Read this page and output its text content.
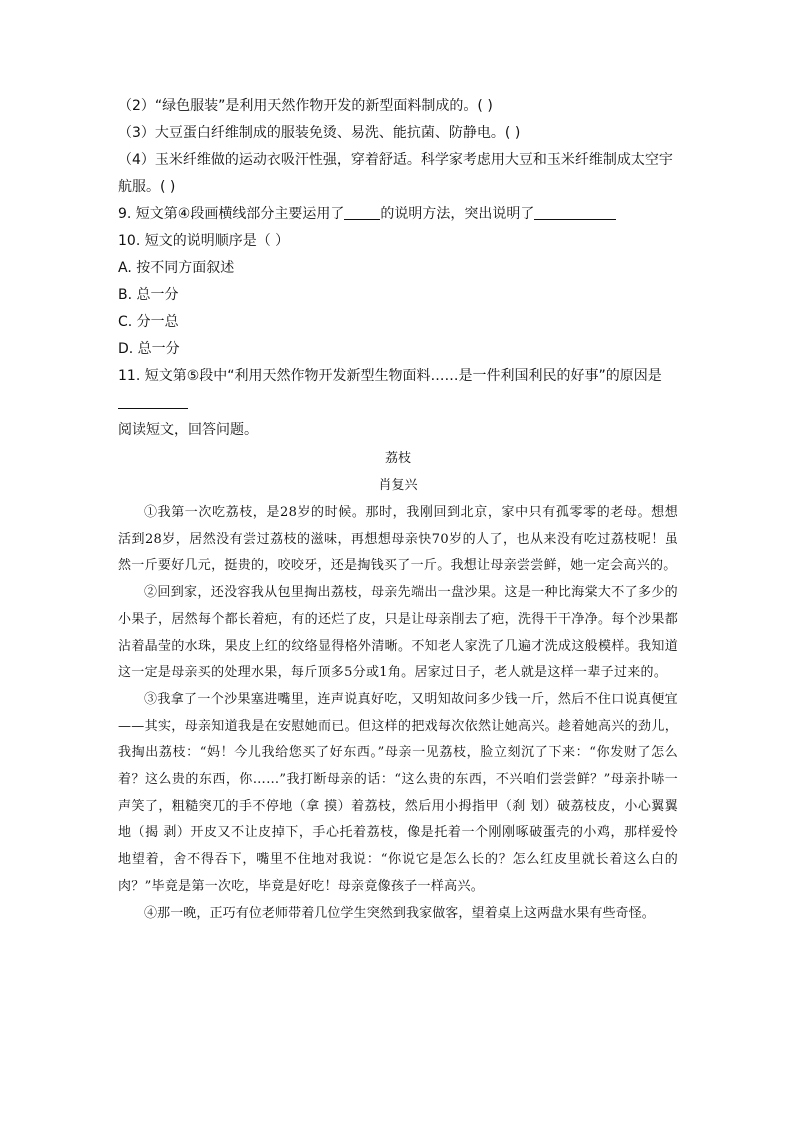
（2）“绿色服装”是利用天然作物开发的新型面料制成的。( )
（3）大豆蛋白纤维制成的服装免烫、易洗、能抗菌、防静电。( )
（4）玉米纤维做的运动衣吸汗性强，穿着舒适。科学家考虑用大豆和玉米纤维制成太空宇
航服。( )
9. 短文第④段画横线部分主要运用了	的说明方法，突出说明了
10. 短文的说明顺序是（ ）
A. 按不同方面叙述
B. 总一分
C. 分一总
D. 总一分
11. 短文第⑤段中“利用天然作物开发新型生物面料……是一件利国利民的好事”的原因是
阅读短文，回答问题。
荔枝
肖复兴

①我第一次吃荔枝，是28岁的时候。那时，我刚回到北京，家中只有孤零零的老母。想想活到28岁，居然没有尝过荔枝的滋味，再想想母亲快70岁的人了，也从来没有吃过荔枝呢！虽然一斤要好几元，挺贵的，咬咬牙，还是掏钱买了一斤。我想让母亲尝尝鲜，她一定会高兴的。

②回到家，还没容我从包里掏出荔枝，母亲先端出一盘沙果。这是一种比海棠大不了多少的小果子，居然每个都长着疤，有的还烂了皮，只是让母亲削去了疤，洗得干干净净。每个沙果都沾着晶莹的水珠，果皮上红的纹络显得格外清晰。不知老人家洗了几遍才洗成这般模样。我知道这一定是母亲买的处理水果，每斤顶多5分或1角。居家过日子，老人就是这样一辈子过来的。

③我拿了一个沙果塞进嘴里，连声说真好吃，又明知故问多少钱一斤，然后不住口说真便宜——其实，母亲知道我是在安慰她而已。但这样的把戏每次依然让她高兴。趁着她高兴的劲儿，我掏出荔枝：“妈！今儿我给您买了好东西。”母亲一见荔枝，脸立刻沉了下来：“你发财了怎么着？这么贵的东西，你……”我打断母亲的话：“这么贵的东西，不兴咱们尝尝鲜？”母亲扑哧一声笑了，粗糙突兀的手不停地（拿 摸）着荔枝，然后用小拇指甲（刹 划）破荔枝皮，小心翼翼地（揭 剥）开皮又不让皮掉下，手心托着荔枝，像是托着一个刚刚啄破蛋壳的小鸡，那样爱怜地望着，舍不得吞下，嘴里不住地对我说：“你说它是怎么长的？怎么红皮里就长着这么白的肉？”毕竟是第一次吃，毕竟是好吃！母亲竟像孩子一样高兴。

④那一晚，正巧有位老师带着几位学生突然到我家做客，望着桌上这两盘水果有些奇怪。
